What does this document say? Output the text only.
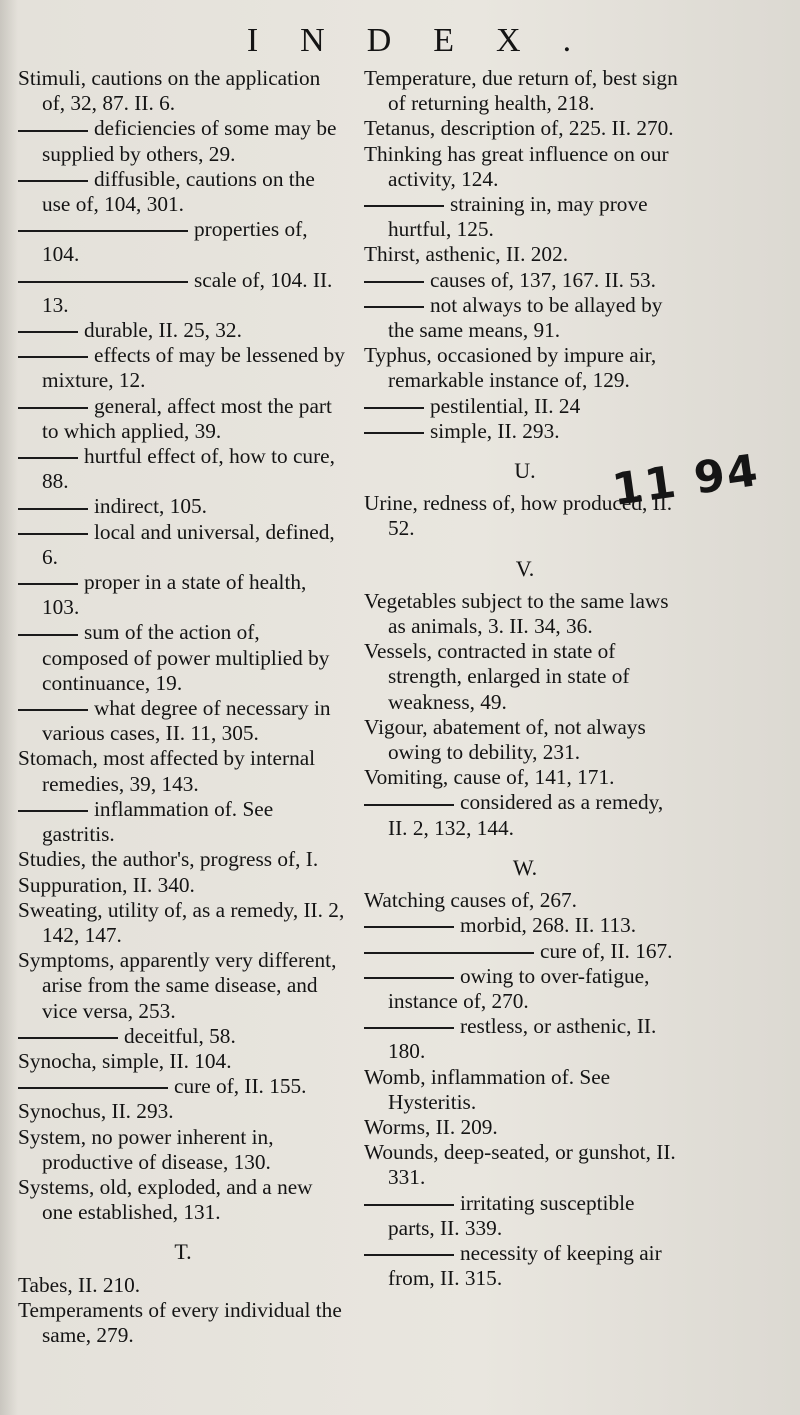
INDEX.

Stimuli, cautions on the application of, 32, 87. II. 6.

deficiencies of some may be supplied by others, 29.

diffusible, cautions on the use of, 104, 301.

properties of, 104.

scale of, 104. II. 13.

durable, II. 25, 32.

effects of may be lessened by mixture, 12.

general, affect most the part to which applied, 39.

hurtful effect of, how to cure, 88.

indirect, 105.

local and universal, defined, 6.

proper in a state of health, 103.

sum of the action of, composed of power multiplied by continuance, 19.

what degree of necessary in various cases, II. 11, 305.

Stomach, most affected by internal remedies, 39, 143.

inflammation of. See gastritis.

Studies, the author's, progress of, I.

Suppuration, II. 340.

Sweating, utility of, as a remedy, II. 2, 142, 147.

Symptoms, apparently very different, arise from the same disease, and vice versa, 253.

deceitful, 58.

Synocha, simple, II. 104.

cure of, II. 155.

Synochus, II. 293.

System, no power inherent in, productive of disease, 130.

Systems, old, exploded, and a new one established, 131.

T.

Tabes, II. 210.

Temperaments of every individual the same, 279.

Temperature, due return of, best sign of returning health, 218.

Tetanus, description of, 225. II. 270.

Thinking has great influence on our activity, 124.

straining in, may prove hurtful, 125.

Thirst, asthenic, II. 202.

causes of, 137, 167. II. 53.

not always to be allayed by the same means, 91.

Typhus, occasioned by impure air, remarkable instance of, 129.

pestilential, II. 24

simple, II. 293.

U.

Urine, redness of, how produced, II. 52.

V.

Vegetables subject to the same laws as animals, 3. II. 34, 36.

Vessels, contracted in state of strength, enlarged in state of weakness, 49.

Vigour, abatement of, not always owing to debility, 231.

Vomiting, cause of, 141, 171.

considered as a remedy, II. 2, 132, 144.

W.

Watching causes of, 267.

morbid, 268. II. 113.

cure of, II. 167.

owing to over-fatigue, instance of, 270.

restless, or asthenic, II. 180.

Womb, inflammation of. See Hysteritis.

Worms, II. 209.

Wounds, deep-seated, or gunshot, II. 331.

irritating susceptible parts, II. 339.

necessity of keeping air from, II. 315.

11 94
